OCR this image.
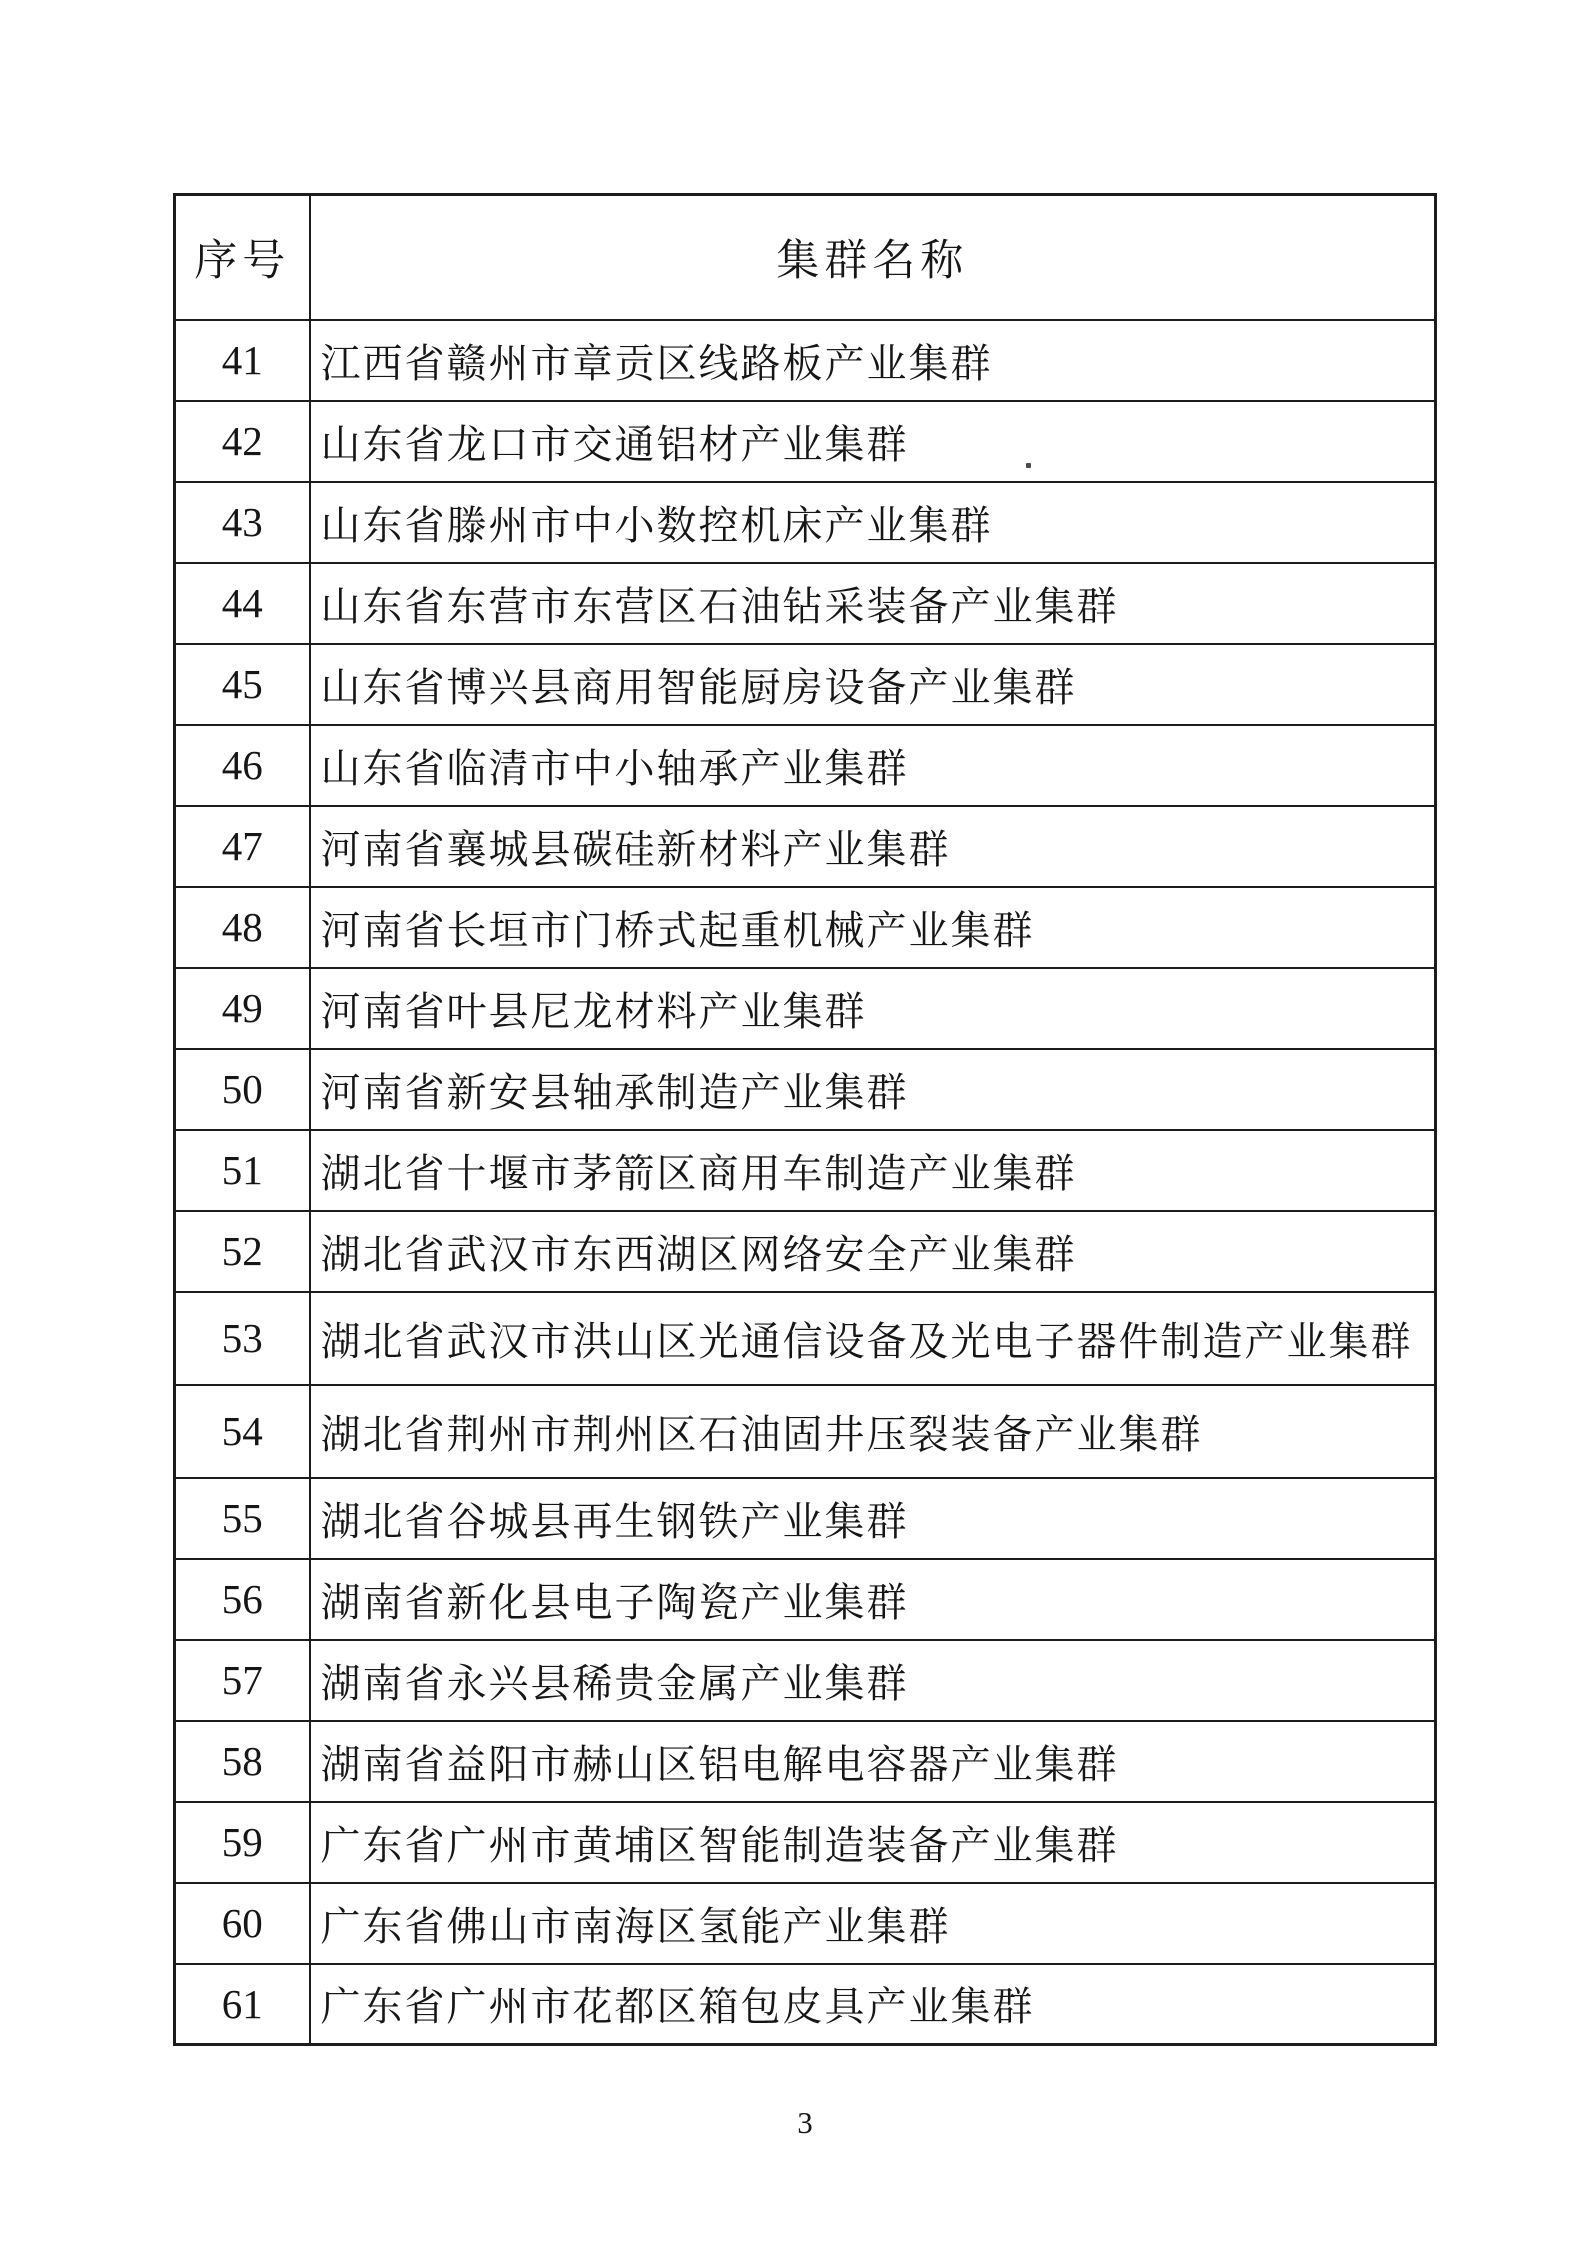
序号	集群名称
41	江西省赣州市章贡区线路板产业集群
42	山东省龙口市交通铝材产业集群
43	山东省滕州市中小数控机床产业集群
44	山东省东营市东营区石油钻采装备产业集群
45	山东省博兴县商用智能厨房设备产业集群
46	山东省临清市中小轴承产业集群
47	河南省襄城县碳硅新材料产业集群
48	河南省长垣市门桥式起重机械产业集群
49	河南省叶县尼龙材料产业集群
50	河南省新安县轴承制造产业集群
51	湖北省十堰市茅箭区商用车制造产业集群
52	湖北省武汉市东西湖区网络安全产业集群
53	湖北省武汉市洪山区光通信设备及光电子器件制造产业集群
54	湖北省荆州市荆州区石油固井压裂装备产业集群
55	湖北省谷城县再生钢铁产业集群
56	湖南省新化县电子陶瓷产业集群
57	湖南省永兴县稀贵金属产业集群
58	湖南省益阳市赫山区铝电解电容器产业集群
59	广东省广州市黄埔区智能制造装备产业集群
60	广东省佛山市南海区氢能产业集群
61	广东省广州市花都区箱包皮具产业集群
3
